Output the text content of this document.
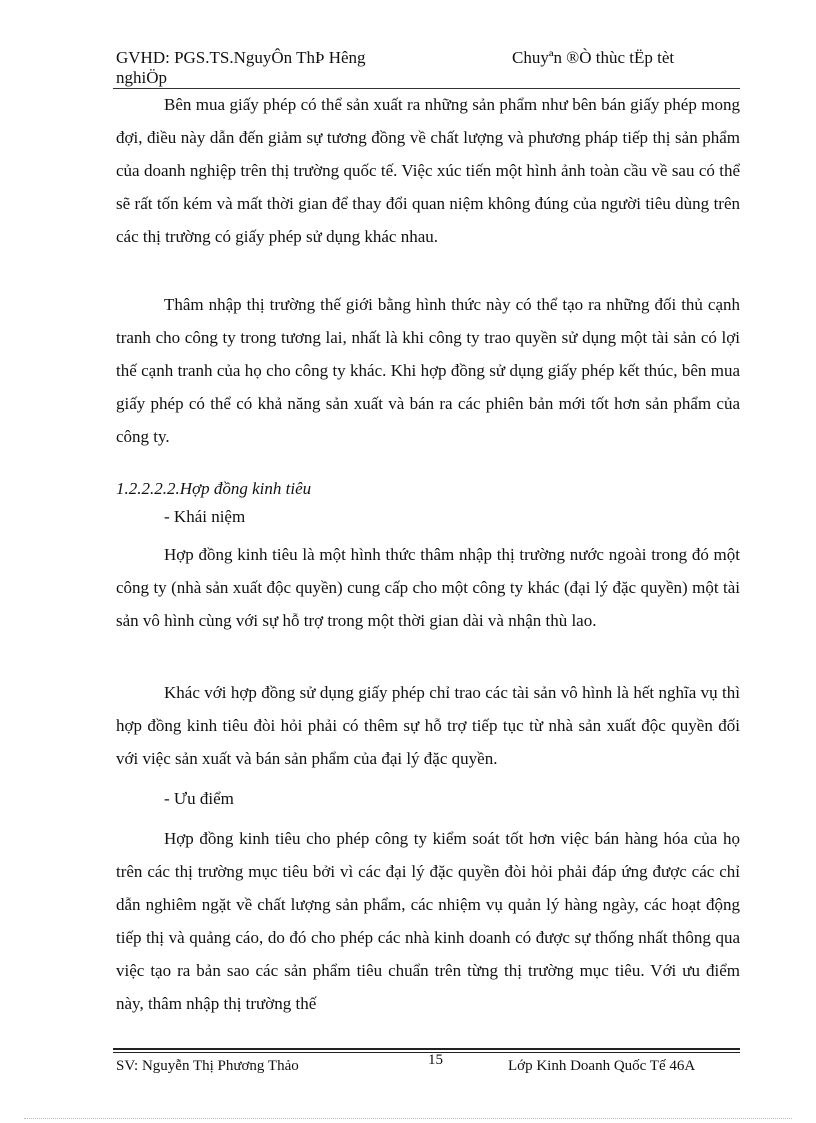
GVHD: PGS.TS.NguyÔn ThÞ Hêng nghiÖp
Chuyªn ®Ò thùc tËp tèt

Bên mua giấy phép có thể sản xuất ra những sản phẩm như bên bán giấy phép mong đợi, điều này dẫn đến giảm sự tương đồng về chất lượng và phương pháp tiếp thị sản phẩm của doanh nghiệp trên thị trường quốc tế. Việc xúc tiến một hình ảnh toàn cầu về sau có thể sẽ rất tốn kém và mất thời gian để thay đổi quan niệm không đúng của người tiêu dùng trên các thị trường có giấy phép sử dụng khác nhau.

Thâm nhập thị trường thế giới bằng hình thức này có thể tạo ra những đối thủ cạnh tranh cho công ty trong tương lai, nhất là khi công ty trao quyền sử dụng một tài sản có lợi thế cạnh tranh của họ cho công ty khác. Khi hợp đồng sử dụng giấy phép kết thúc, bên mua giấy phép có thể có khả năng sản xuất và bán ra các phiên bản mới tốt hơn sản phẩm của công ty.

1.2.2.2.2.Hợp đồng kinh tiêu
- Khái niệm

Hợp đồng kinh tiêu là một hình thức thâm nhập thị trường nước ngoài trong đó một công ty (nhà sản xuất độc quyền) cung cấp cho một công ty khác (đại lý đặc quyền) một tài sản vô hình cùng với sự hỗ trợ trong một thời gian dài và nhận thù lao.

Khác với hợp đồng sử dụng giấy phép chỉ trao các tài sản vô hình là hết nghĩa vụ thì hợp đồng kinh tiêu đòi hỏi phải có thêm sự hỗ trợ tiếp tục từ nhà sản xuất độc quyền đối với việc sản xuất và bán sản phẩm của đại lý đặc quyền.

- Ưu điểm

Hợp đồng kinh tiêu cho phép công ty kiểm soát tốt hơn việc bán hàng hóa của họ trên các thị trường mục tiêu bởi vì các đại lý đặc quyền đòi hỏi phải đáp ứng được các chỉ dẫn nghiêm ngặt về chất lượng sản phẩm, các nhiệm vụ quản lý hàng ngày, các hoạt động tiếp thị và quảng cáo, do đó cho phép các nhà kinh doanh có được sự thống nhất thông qua việc tạo ra bản sao các sản phẩm tiêu chuẩn trên từng thị trường mục tiêu. Với ưu điểm này, thâm nhập thị trường thế

SV: Nguyễn Thị Phương Thảo	15	Lớp Kinh Doanh Quốc Tế 46A
